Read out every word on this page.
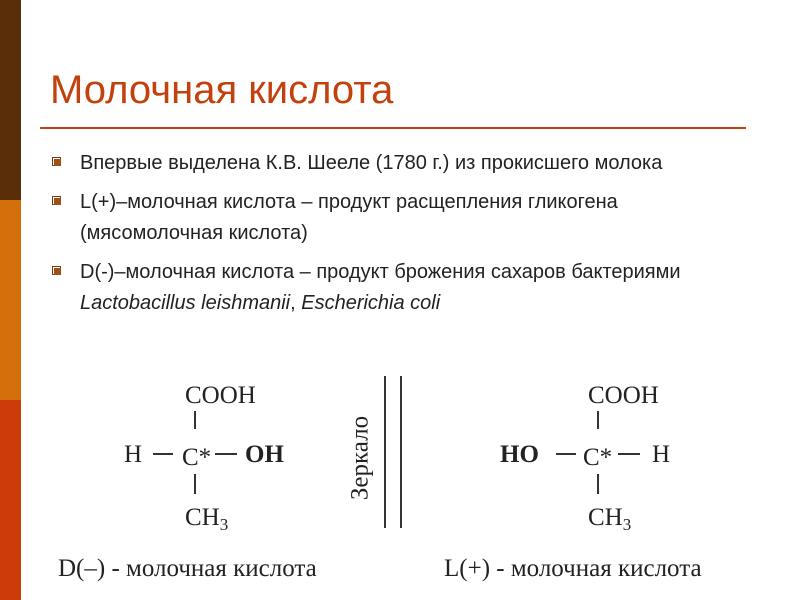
Молочная кислота
Впервые выделена К.В. Шееле (1780 г.) из прокисшего молока
L(+)–молочная кислота – продукт расщепления гликогена (мясомолочная кислота)
D(-)–молочная кислота – продукт брожения сахаров бактериями Lactobacillus leishmanii, Escherichia coli
COOH
H C* OH
$CH_3$
Зеркало
COOH
HO C* H
$CH_3$
D(–) - молочная кислота	L(+) - молочная кислота
